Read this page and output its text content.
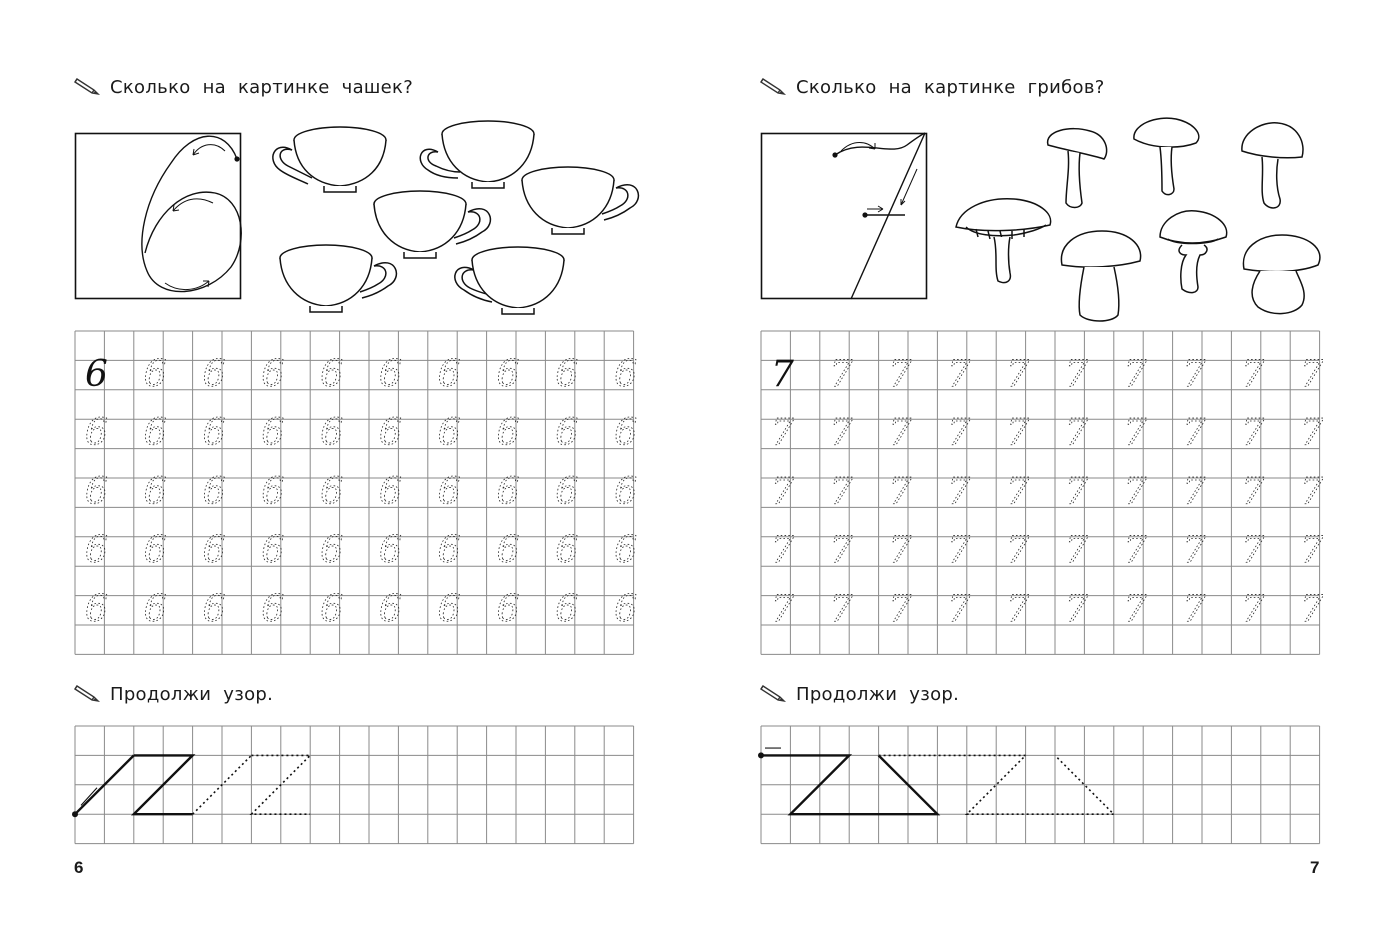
Сколько на картинке чашек?
6 6 6 6 6 6 6 6 6 6
6 6 6 6 6 6 6 6 6 6
6 6 6 6 6 6 6 6 6 6
6 6 6 6 6 6 6 6 6 6
6 6 6 6 6 6 6 6 6 6
Продолжи узор.
6
Сколько на картинке грибов?
7 7 7 7 7 7 7 7 7 7
7 7 7 7 7 7 7 7 7 7
7 7 7 7 7 7 7 7 7 7
7 7 7 7 7 7 7 7 7 7
7 7 7 7 7 7 7 7 7 7
Продолжи узор.
7
